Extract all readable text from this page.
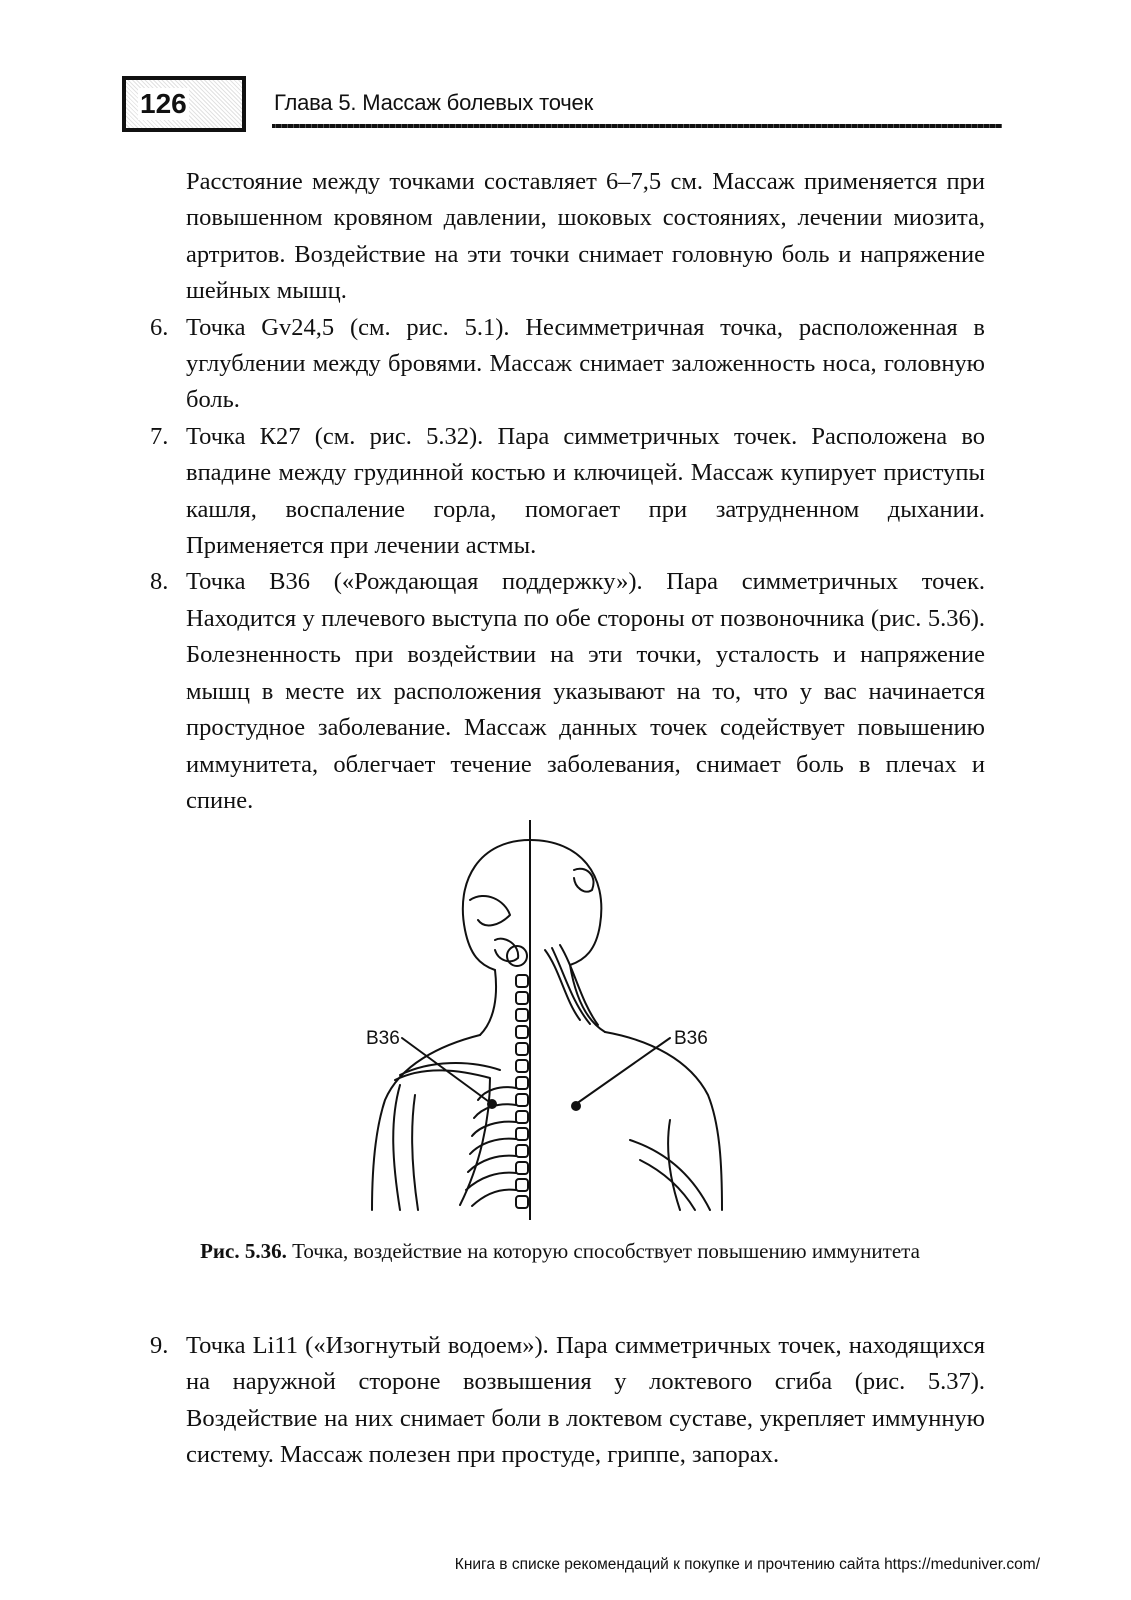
126	Глава 5. Массаж болевых точек

Расстояние между точками составляет 6–7,5 см. Массаж применяется при повышенном кровяном давлении, шоковых состояниях, лечении миозита, артритов. Воздействие на эти точки снимает головную боль и напряжение шейных мышц.

6. Точка Gv24,5 (см. рис. 5.1). Несимметричная точка, расположенная в углублении между бровями. Массаж снимает заложенность носа, головную боль.
7. Точка К27 (см. рис. 5.32). Пара симметричных точек. Расположена во впадине между грудинной костью и ключицей. Массаж купирует приступы кашля, воспаление горла, помогает при затрудненном дыхании. Применяется при лечении астмы.
8. Точка В36 («Рождающая поддержку»). Пара симметричных точек. Находится у плечевого выступа по обе стороны от позвоночника (рис. 5.36). Болезненность при воздействии на эти точки, усталость и напряжение мышц в месте их расположения указывают на то, что у вас начинается простудное заболевание. Массаж данных точек содействует повышению иммунитета, облегчает течение заболевания, снимает боль в плечах и спине.
B36	B36
Рис. 5.36. Точка, воздействие на которую способствует повышению иммунитета
9. Точка Li11 («Изогнутый водоем»). Пара симметричных точек, находящихся на наружной стороне возвышения у локтевого сгиба (рис. 5.37). Воздействие на них снимает боли в локтевом суставе, укрепляет иммунную систему. Массаж полезен при простуде, гриппе, запорах.
Книга в списке рекомендаций к покупке и прочтению сайта https://meduniver.com/
